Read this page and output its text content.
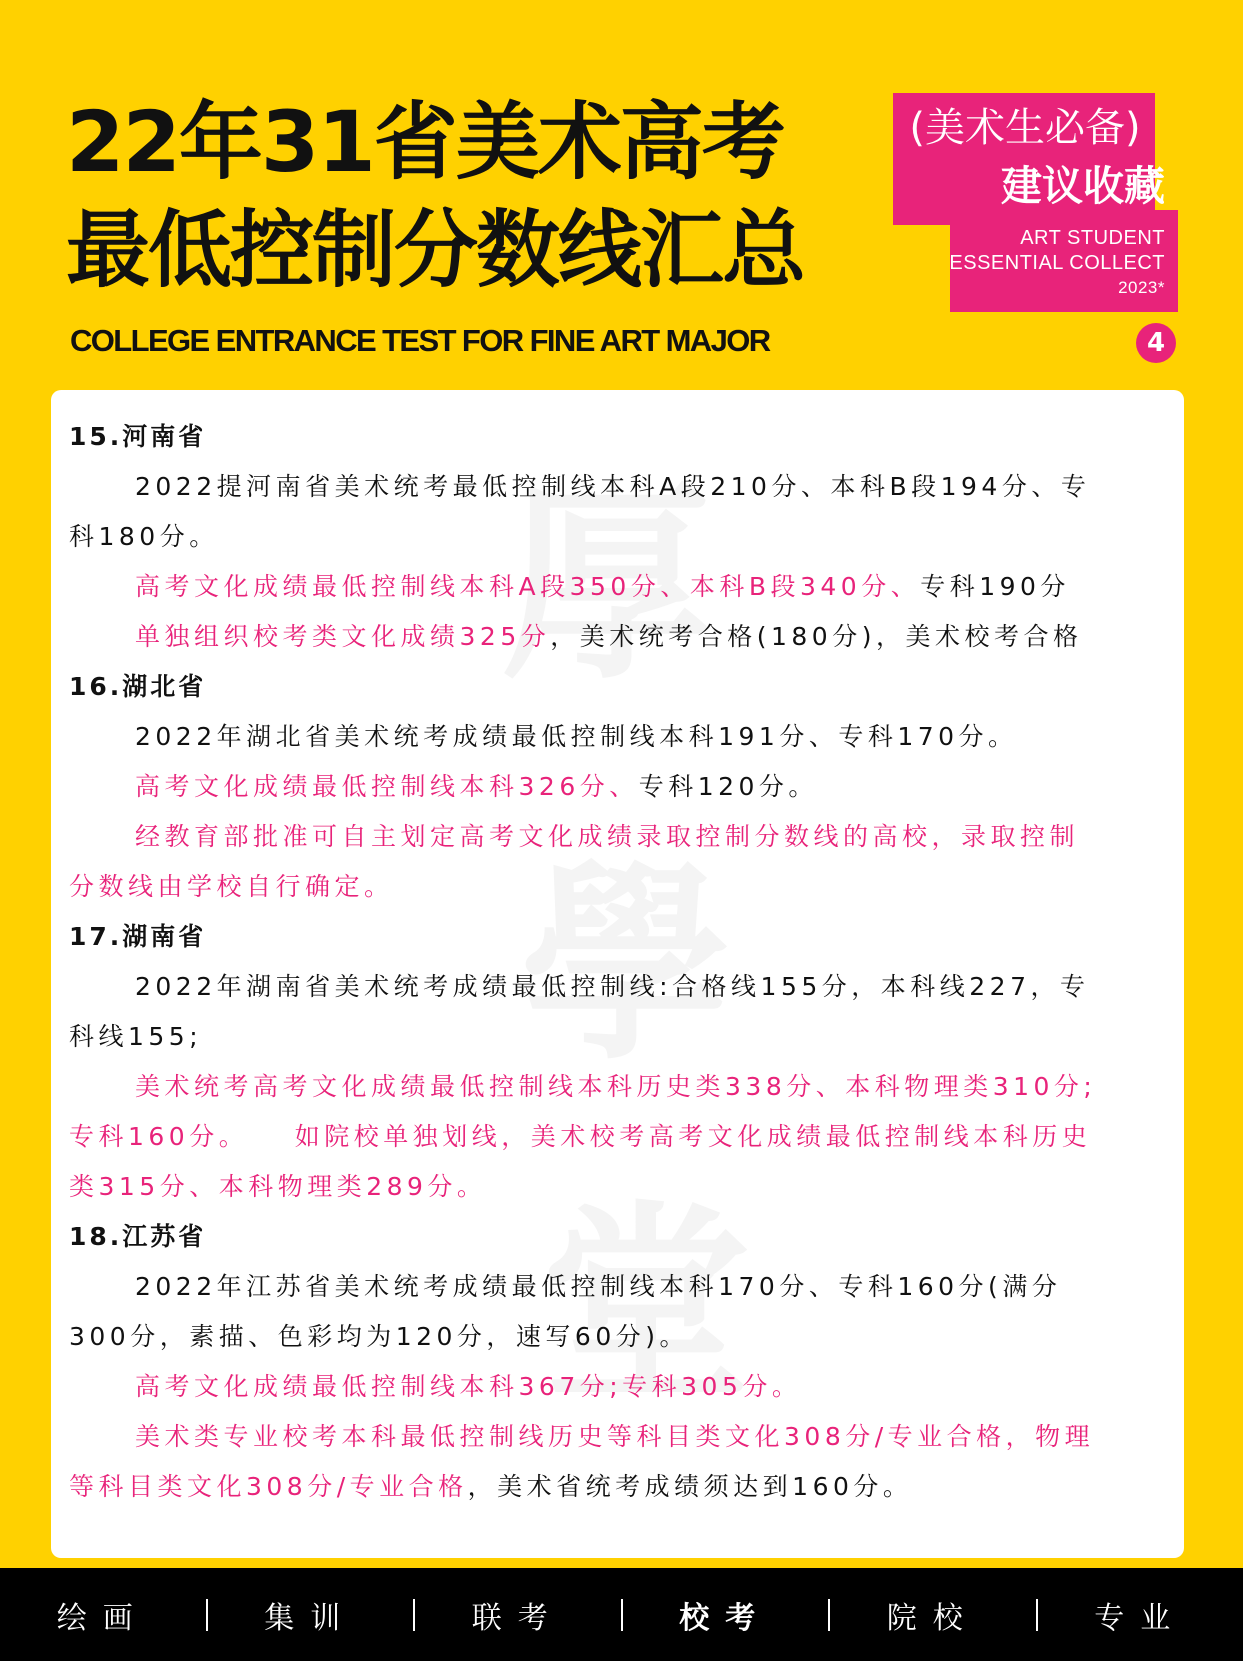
22年31省美术高考
最低控制分数线汇总
COLLEGE ENTRANCE TEST FOR FINE ART MAJOR
(美术生必备)
建议收藏
ART STUDENT
ESSENTIAL COLLECT
2023*
4
15.河南省
2022提河南省美术统考最低控制线本科A段210分、本科B段194分、专
科180分。
高考文化成绩最低控制线本科A段350分、本科B段340分、专科190分
单独组织校考类文化成绩325分，美术统考合格(180分)，美术校考合格
16.湖北省
2022年湖北省美术统考成绩最低控制线本科191分、专科170分。
高考文化成绩最低控制线本科326分、专科120分。
经教育部批准可自主划定高考文化成绩录取控制分数线的高校，录取控制
分数线由学校自行确定。
17.湖南省
2022年湖南省美术统考成绩最低控制线:合格线155分，本科线227，专
科线155;
美术统考高考文化成绩最低控制线本科历史类338分、本科物理类310分;
专科160分。　　如院校单独划线，美术校考高考文化成绩最低控制线本科历史
类315分、本科物理类289分。
18.江苏省
2022年江苏省美术统考成绩最低控制线本科170分、专科160分(满分
300分，素描、色彩均为120分，速写60分)。
高考文化成绩最低控制线本科367分;专科305分。
美术类专业校考本科最低控制线历史等科目类文化308分/专业合格，物理
等科目类文化308分/专业合格，美术省统考成绩须达到160分。
绘画	集训	联考	校考	院校	专业
